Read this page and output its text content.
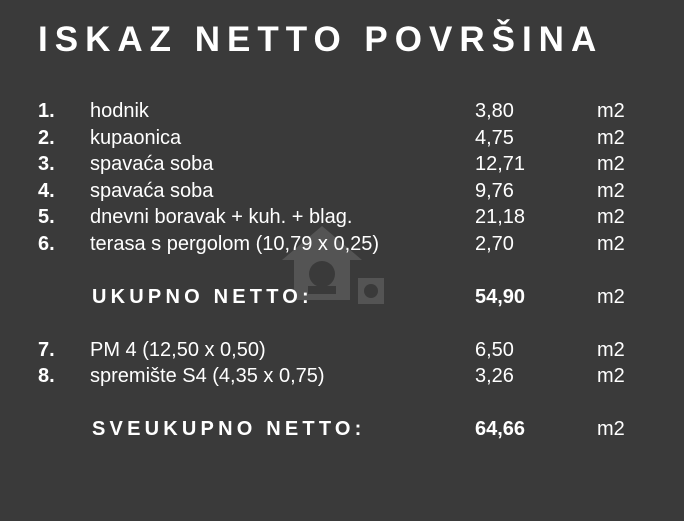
ISKAZ NETTO POVRŠINA
1.	hodnik	3,80	m2
2.	kupaonica	4,75	m2
3.	spavaća soba	12,71	m2
4.	spavaća soba	9,76	m2
5.	dnevni boravak + kuh. + blag.	21,18	m2
6.	terasa s pergolom (10,79 x 0,25)	2,70	m2

UKUPNO NETTO:		54,90	m2

7.	PM 4 (12,50 x 0,50)	6,50	m2
8.	spremište S4 (4,35 x 0,75)	3,26	m2

SVEUKUPNO NETTO:		64,66	m2
